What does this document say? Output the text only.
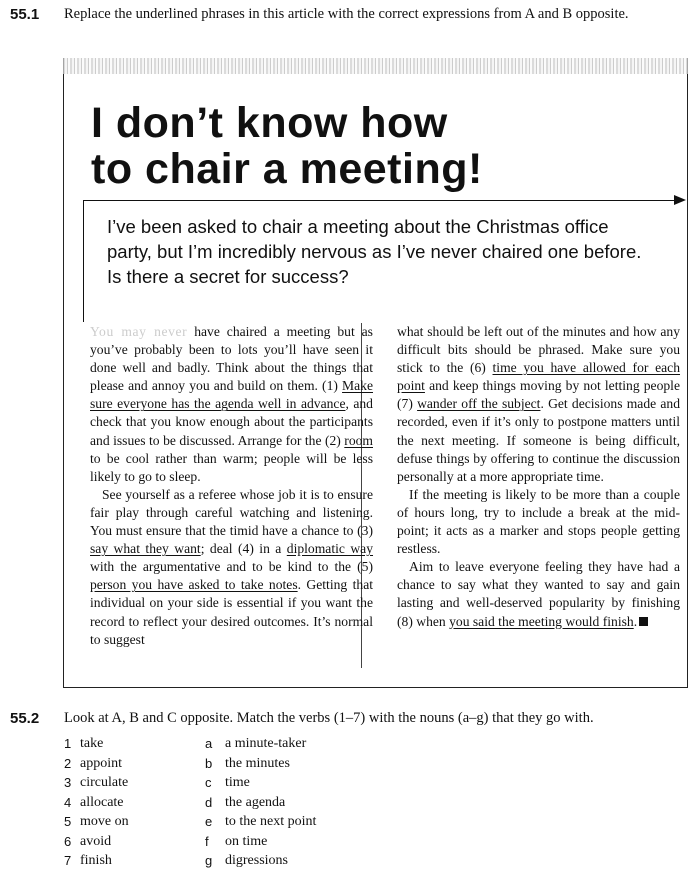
55.1 Replace the underlined phrases in this article with the correct expressions from A and B opposite.
I don’t know how
to chair a meeting!
I’ve been asked to chair a meeting about the Christmas office party, but I’m incredibly nervous as I’ve never chaired one before. Is there a secret for success?

You may never have chaired a meeting but as you’ve probably been to lots you’ll have seen it done well and badly. Think about the things that please and annoy you and build on them. (1) Make sure everyone has the agenda well in advance, and check that you know enough about the participants and issues to be discussed. Arrange for the (2) room to be cool rather than warm; people will be less likely to go to sleep.

See yourself as a referee whose job it is to ensure fair play through careful watching and listening. You must ensure that the timid have a chance to (3) say what they want; deal (4) in a diplomatic way with the argumentative and to be kind to the (5) person you have asked to take notes. Getting that individual on your side is essential if you want the record to reflect your desired outcomes. It’s normal to suggest

what should be left out of the minutes and how any difficult bits should be phrased. Make sure you stick to the (6) time you have allowed for each point and keep things moving by not letting people (7) wander off the subject. Get decisions made and recorded, even if it’s only to postpone matters until the next meeting. If someone is being difficult, defuse things by offering to continue the discussion personally at a more appropriate time.

If the meeting is likely to be more than a couple of hours long, try to include a break at the mid-point; it acts as a marker and stops people getting restless.

Aim to leave everyone feeling they have had a chance to say what they wanted to say and gain lasting and well-deserved popularity by finishing (8) when you said the meeting would finish.

55.2 Look at A, B and C opposite. Match the verbs (1–7) with the nouns (a–g) that they go with.
1 take
2 appoint
3 circulate
4 allocate
5 move on
6 avoid
7 finish
a a minute-taker
b the minutes
c time
d the agenda
e to the next point
f	on time
g digressions
